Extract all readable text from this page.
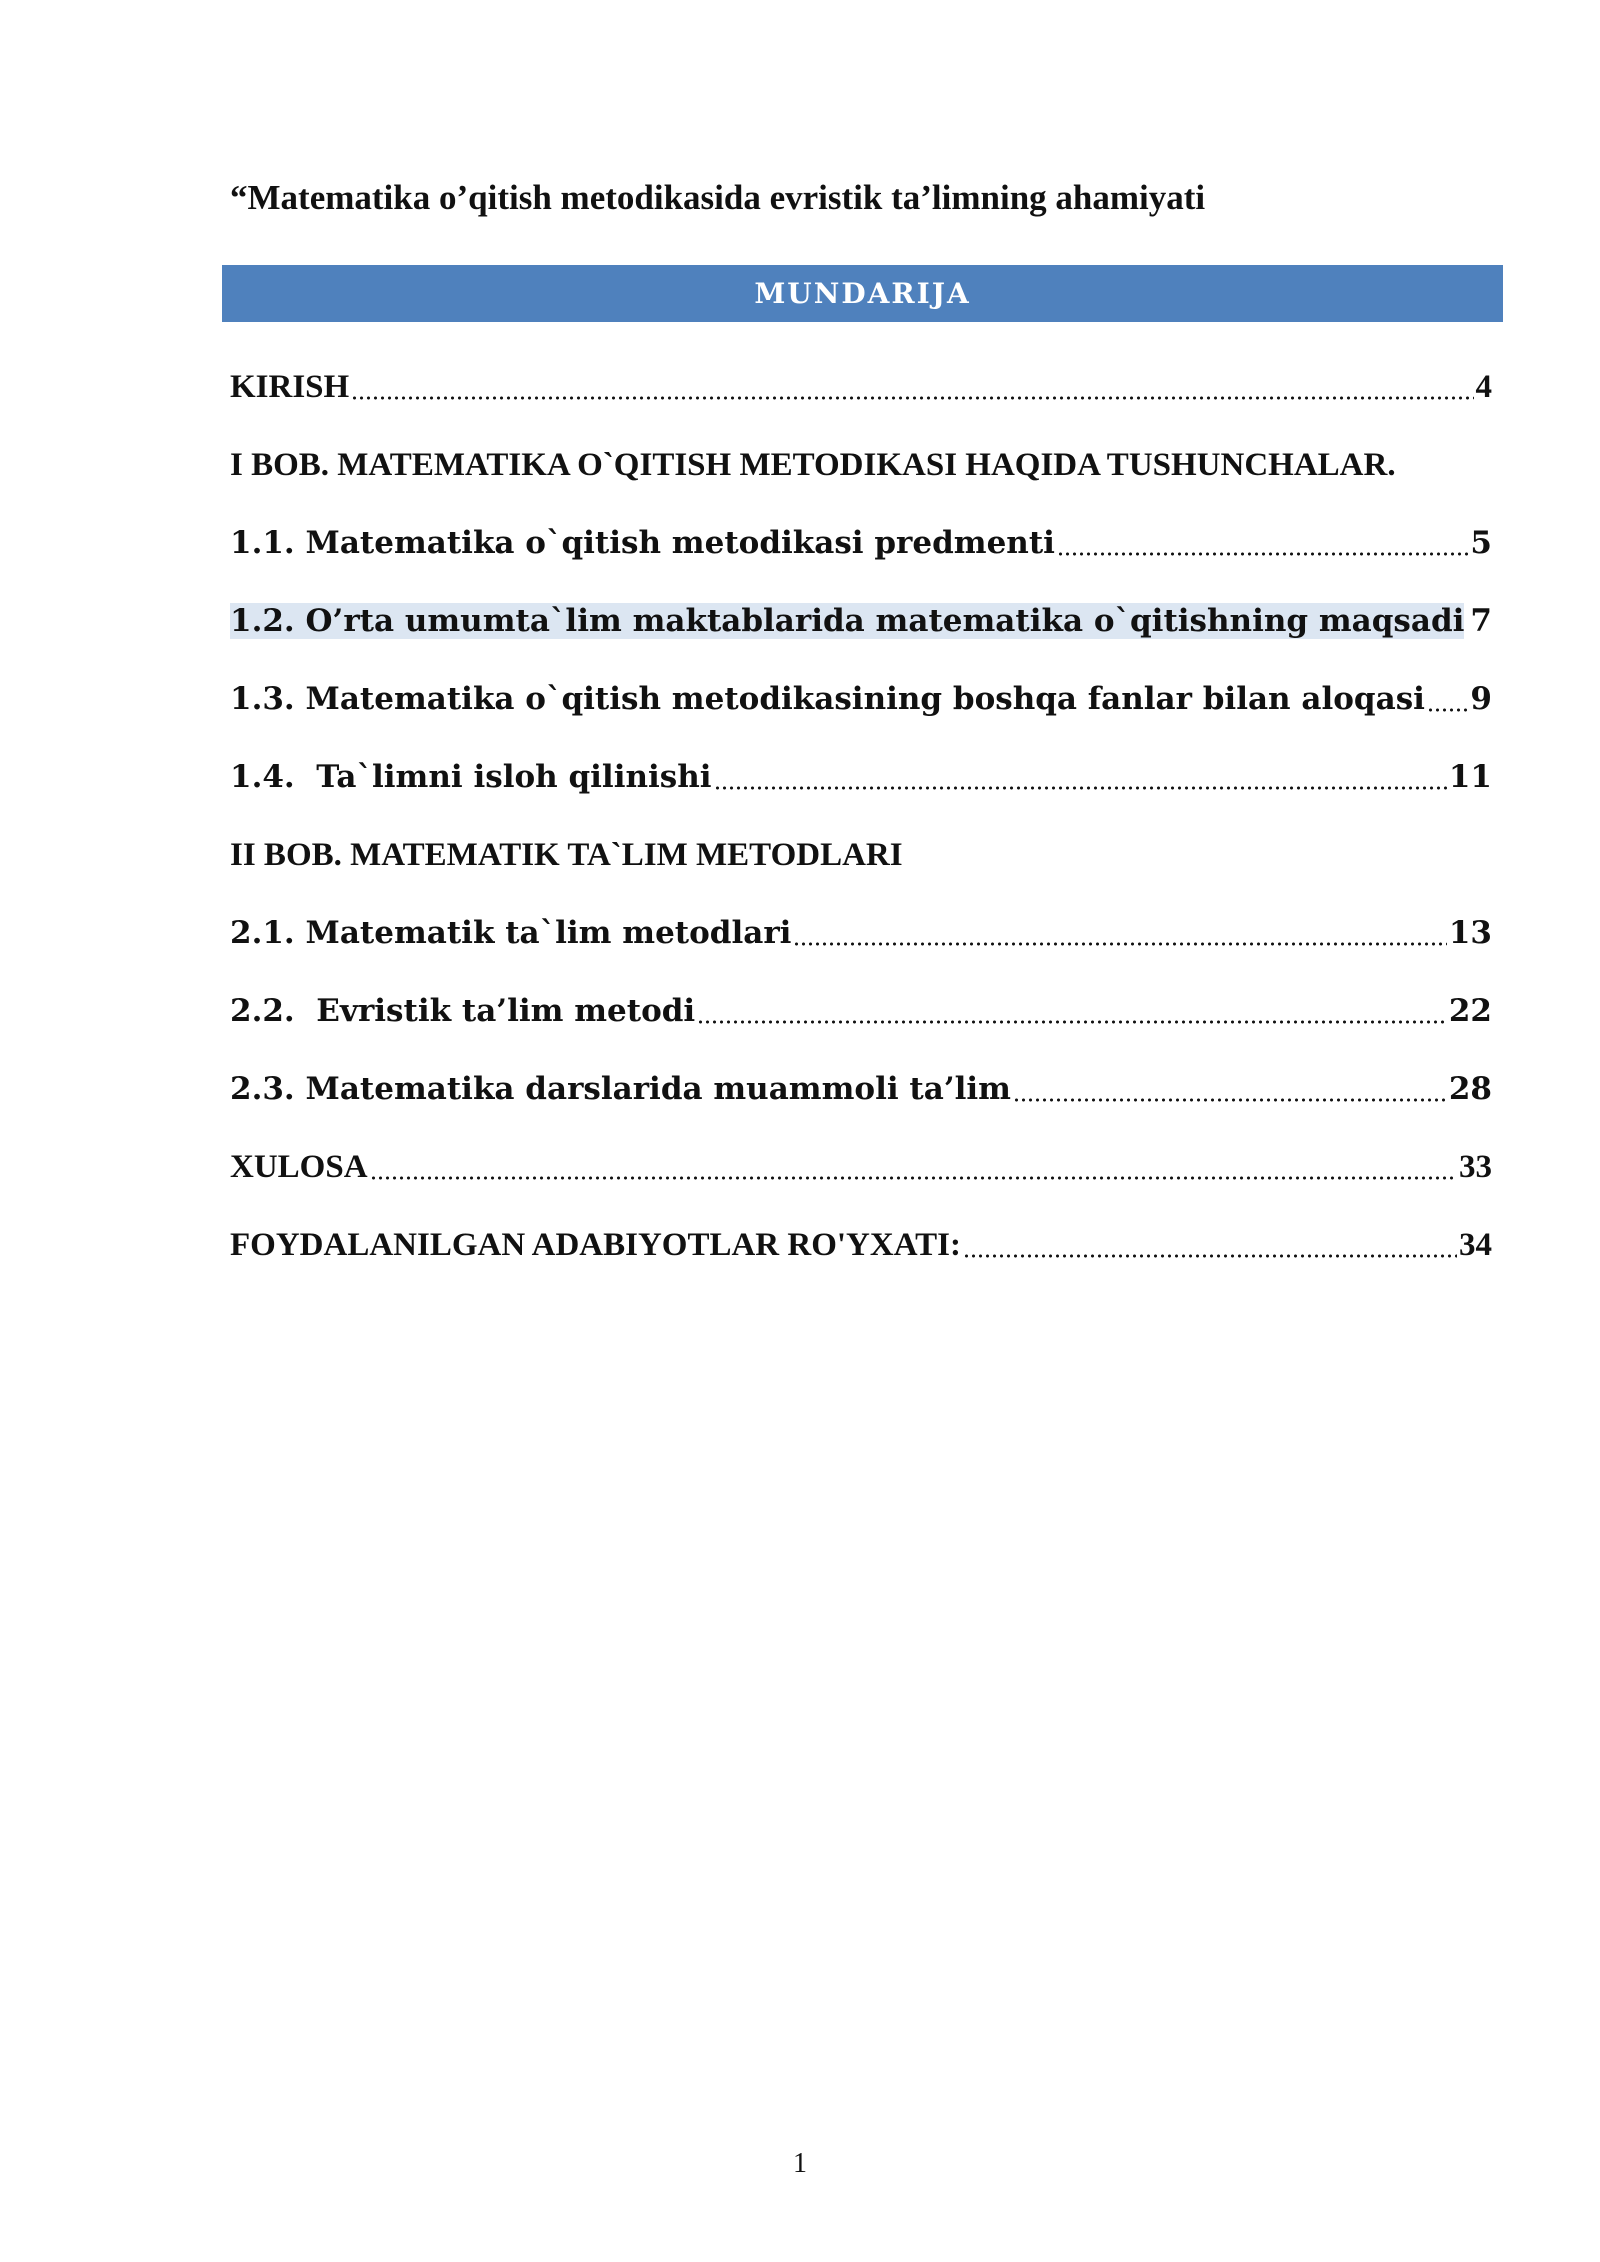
“Matematika o’qitish metodikasida evristik ta’limning ahamiyati
MUNDARIJA
KIRISH	4
I BOB. MATEMATIKA O`QITISH METODIKASI HAQIDA TUSHUNCHALAR.
1.1. Matematika o`qitish metodikasi predmenti	5
1.2. O’rta umumta`lim maktablarida matematika o`qitishning maqsadi 7
1.3. Matematika o`qitish metodikasining boshqa fanlar bilan aloqasi 9
1.4.  Ta`limni isloh qilinishi	11
II BOB. MATEMATIK TA`LIM METODLARI
2.1. Matematik ta`lim metodlari	13
2.2.  Evristik ta’lim metodi	22
2.3. Matematika darslarida muammoli ta’lim	28
XULOSA	33
FOYDALANILGAN ADABIYOTLAR RO'YXATI:	34
1
